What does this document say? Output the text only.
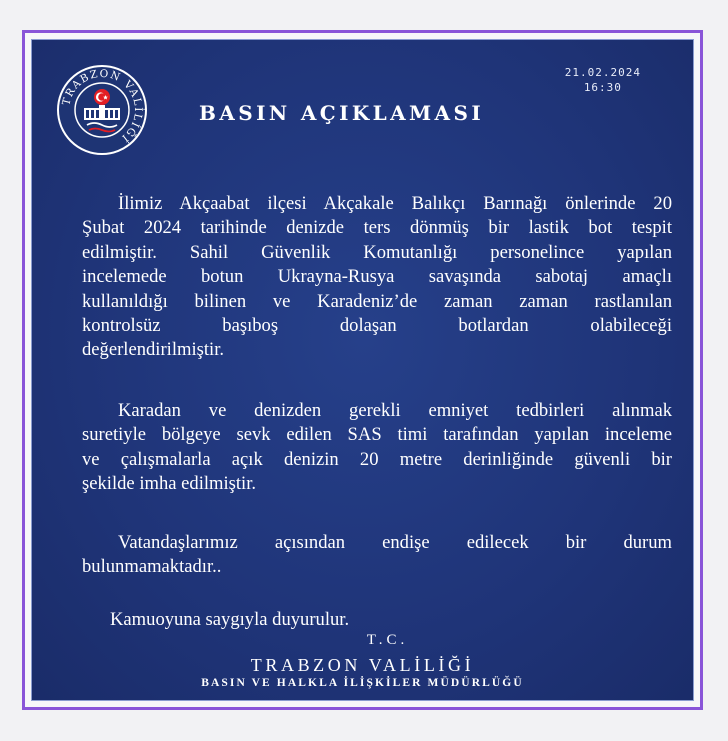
TRABZON VALİLİĞİ
21.02.2024
16:30
BASIN AÇIKLAMASI
İlimiz Akçaabat ilçesi Akçakale Balıkçı Barınağı önlerinde 20
Şubat 2024 tarihinde denizde ters dönmüş bir lastik bot tespit
edilmiştir. Sahil Güvenlik Komutanlığı personelince yapılan
incelemede botun Ukrayna-Rusya savaşında sabotaj amaçlı
kullanıldığı bilinen ve Karadeniz’de zaman zaman rastlanılan
kontrolsüz başıboş dolaşan botlardan olabileceği
değerlendirilmiştir.
Karadan ve denizden gerekli emniyet tedbirleri alınmak
suretiyle bölgeye sevk edilen SAS timi tarafından yapılan inceleme
ve çalışmalarla açık denizin 20 metre derinliğinde güvenli bir
şekilde imha edilmiştir.
Vatandaşlarımız açısından endişe edilecek bir durum
bulunmamaktadır..
Kamuoyuna saygıyla duyurulur.
T.C.
TRABZON VALİLİĞİ
BASIN VE HALKLA İLİŞKİLER MÜDÜRLÜĞÜ
